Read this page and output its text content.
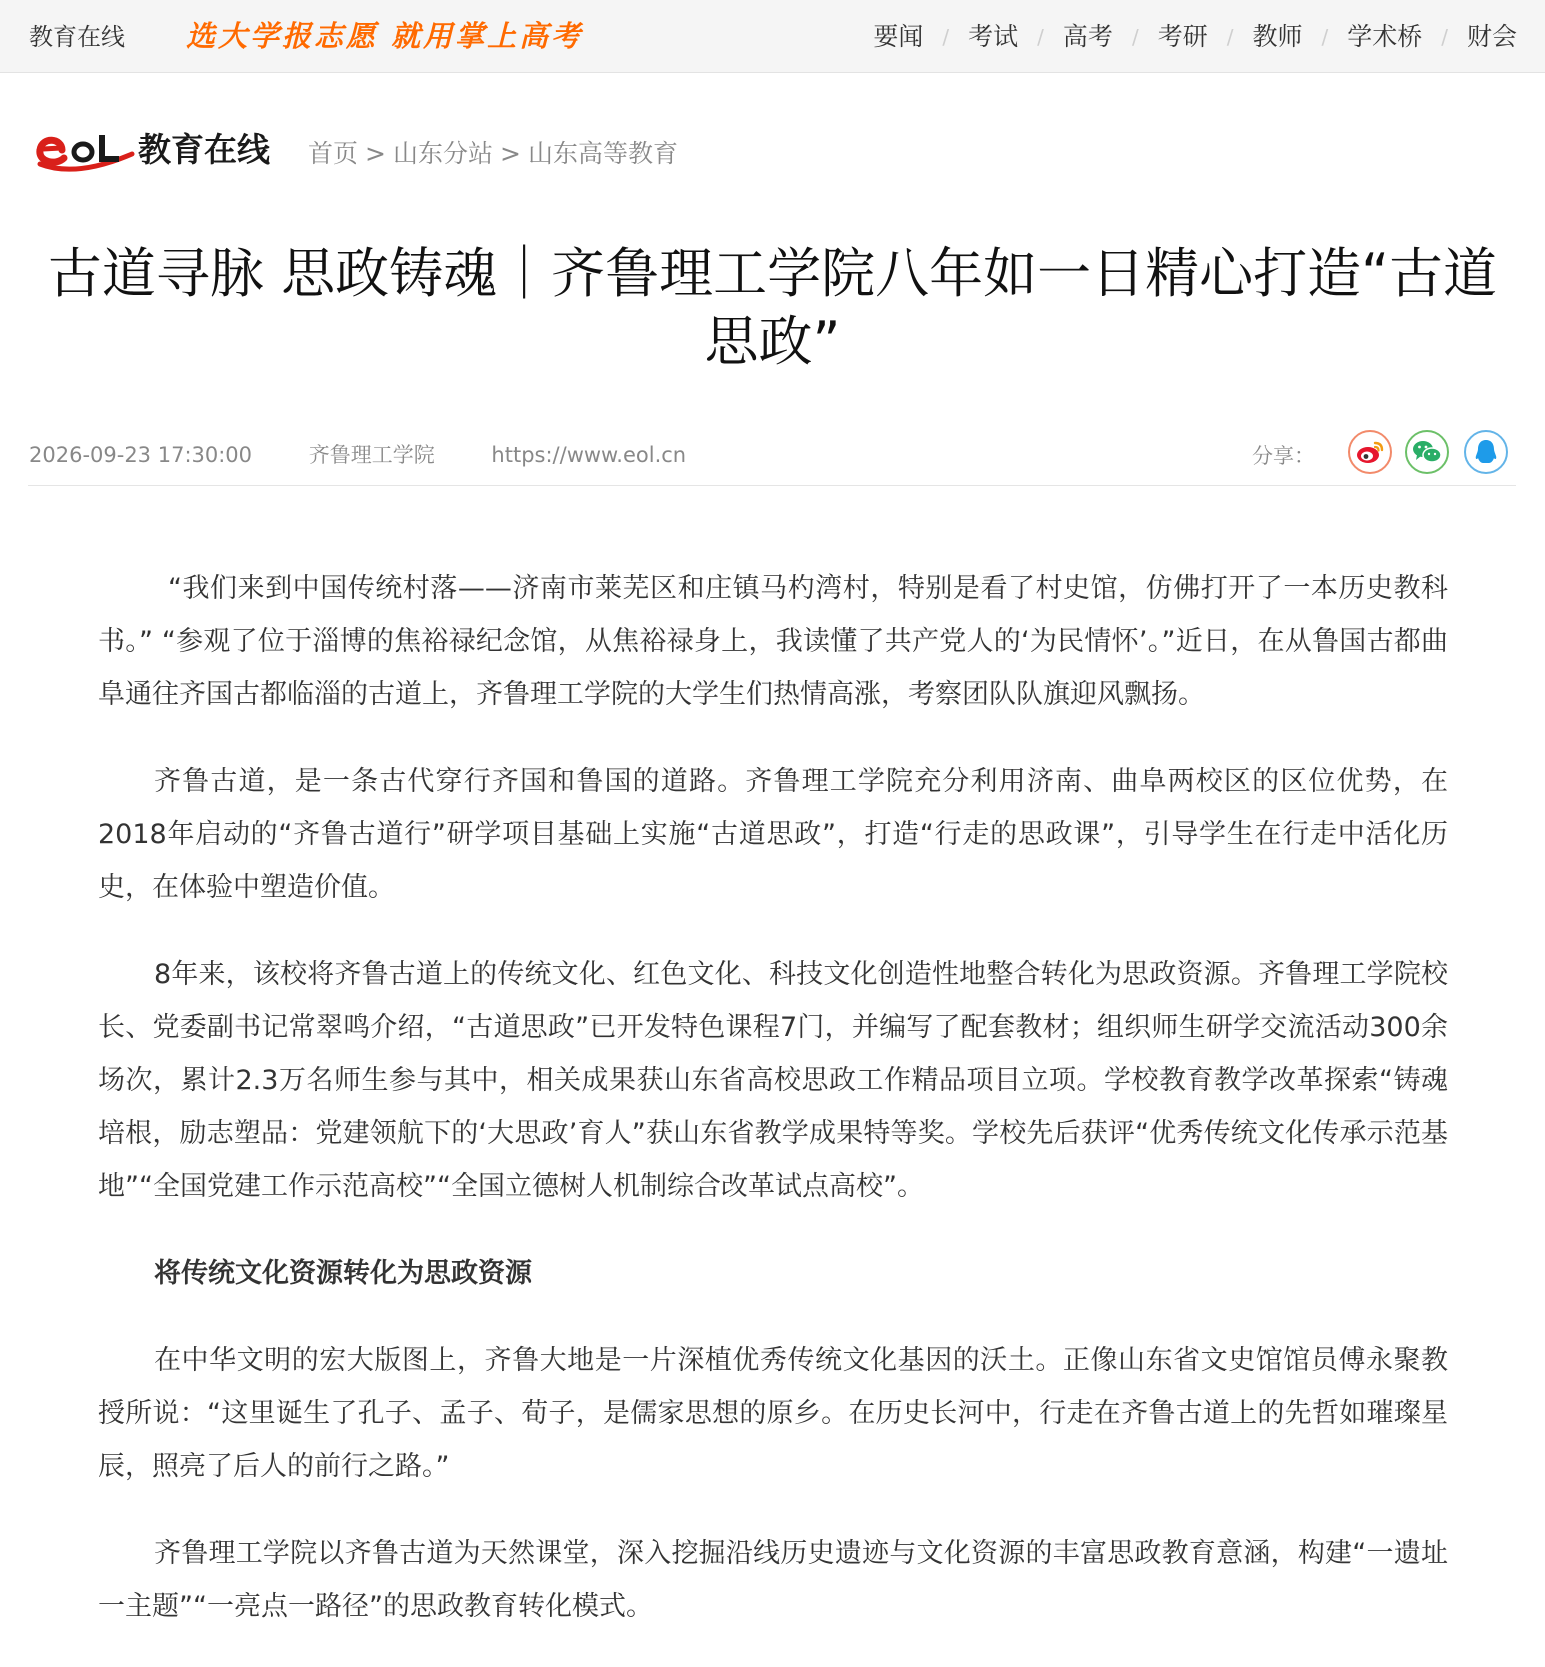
教育在线 选大学报志愿 就用掌上高考	要闻 / 考试 / 高考 / 考研 / 教师 / 学术桥 / 财会
教育在线 首页 > 山东分站 > 山东高等教育
古道寻脉 思政铸魂｜齐鲁理工学院八年如一日精心打造“古道思政”
2026-09-23 17:30:00	齐鲁理工学院	https://www.eol.cn	分享：

“我们来到中国传统村落——济南市莱芜区和庄镇马杓湾村，特别是看了村史馆，仿佛打开了一本历史教科书。” “参观了位于淄博的焦裕禄纪念馆，从焦裕禄身上，我读懂了共产党人的‘为民情怀’。”近日，在从鲁国古都曲阜通往齐国古都临淄的古道上，齐鲁理工学院的大学生们热情高涨，考察团队队旗迎风飘扬。

齐鲁古道，是一条古代穿行齐国和鲁国的道路。齐鲁理工学院充分利用济南、曲阜两校区的区位优势，在2018年启动的“齐鲁古道行”研学项目基础上实施“古道思政”，打造“行走的思政课”，引导学生在行走中活化历史，在体验中塑造价值。

8年来，该校将齐鲁古道上的传统文化、红色文化、科技文化创造性地整合转化为思政资源。齐鲁理工学院校长、党委副书记常翠鸣介绍，“古道思政”已开发特色课程7门，并编写了配套教材；组织师生研学交流活动300余场次，累计2.3万名师生参与其中，相关成果获山东省高校思政工作精品项目立项。学校教育教学改革探索“铸魂培根，励志塑品：党建领航下的‘大思政’育人”获山东省教学成果特等奖。学校先后获评“优秀传统文化传承示范基地”“全国党建工作示范高校”“全国立德树人机制综合改革试点高校”。

将传统文化资源转化为思政资源

在中华文明的宏大版图上，齐鲁大地是一片深植优秀传统文化基因的沃土。正像山东省文史馆馆员傅永聚教授所说：“这里诞生了孔子、孟子、荀子，是儒家思想的原乡。在历史长河中，行走在齐鲁古道上的先哲如璀璨星辰，照亮了后人的前行之路。”

齐鲁理工学院以齐鲁古道为天然课堂，深入挖掘沿线历史遗迹与文化资源的丰富思政教育意涵，构建“一遗址一主题”“一亮点一路径”的思政教育转化模式。
